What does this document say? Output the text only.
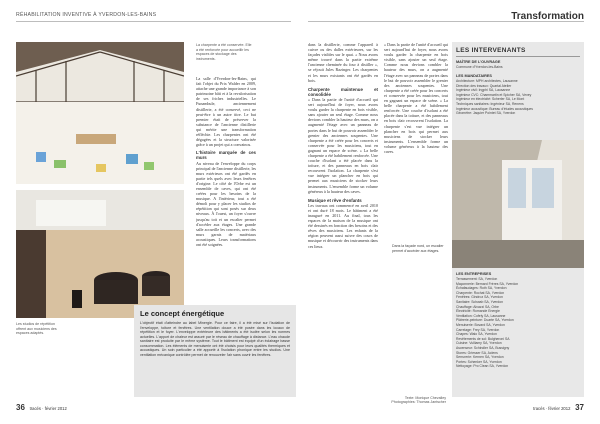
RÉHABILITATION INVENTIVE À YVERDON-LES-BAINS	Transformation
La charpente a été conservée. Elle a été renforcée pour accueillir les espaces de stockage des instruments.
Les studios de répétition offrent aux musiciens des espaces adaptés.
La salle d'Yverdon-les-Bains, qui fait l'objet du Prix Walder en 2009, attache une grande importance à son patrimoine bâti et à la revalorisation de ses friches industrielles. Le Funambule, anciennement distillerie, a été conservé, ceci ne peut-être à un autre titre. Le but premier était de préserver la substance de l'ancienne distillerie qui mérite une transformation réfléchie. Les charpentes ont été dégagées et la structure valorisée grâce à un projet qui a convaincu.
L'histoire marquée de ces murs
Au niveau de l'enveloppe du corps principal de l'ancienne distillerie, les murs extérieurs ont été gardés en partie tels quels avec leurs fenêtres d'origine. Le côté de l'Orbe est un ensemble de caves, qui ont été créées pour les besoins de la musique. A l'intérieur, tout a été démoli pour y placer les studios de répétition qui sont posés sur deux niveaux. À l'ouest, un foyer s'ouvre jusqu'au toit et un escalier permet d'accéder aux étages. Une grande salle accueille les concerts, avec des murs garnis de matériaux acoustiques. Leurs transformations ont été soignées.
dans la distillerie, comme l'appareil à cuivre ou des dalles extérieures, sur les façades visibles sur le quai. « Nous avons même trouvé dans la partie extrême l'ancienne cheminée du four à distiller », se réjouit Jules Razinger. Les charpentes et les murs existants ont été gardés en bois.
Charpente maintenue et consolidée
« Dans la partie de l'unité d'accueil qui sert aujourd'hui de foyer, nous avons voulu garder la charpente en bois visible, sans ajouter un seul étage. Comme nous devions combler la hauteur des murs, on a augmenté l'étage avec un panneau de portes dans le but de pouvoir assembler le grenier des anciennes soupentes. Une charpente a été créée pour les concerts et conservée pour les musiciens, tout en gagnant un espace de scène. » La belle charpente a été habilement renforcée. Une couche d'isolant a été placée dans la toiture, et des panneaux en bois clair recouvrent l'isolation. La charpente s'est vue intégrer un plancher en bois qui permet aux musiciens de stocker leurs instruments. L'ensemble forme un volume généreux à la hauteur des caves.
Musique et rêve d'enfants
Les travaux ont commencé en avril 2010 et ont duré 18 mois. Le bâtiment a été inauguré en 2011. Au final, tous les espaces de la maison de la musique ont été dessinés en fonction des besoins et des rêves des musiciens. Les enfants de la région peuvent aussi suivre des cours de musique et découvrir des instruments dans ces lieux.
« Dans la partie de l'unité d'accueil qui sert aujourd'hui de foyer, nous avons voulu garder la charpente en bois visible, sans ajouter un seul étage. Comme nous devions combler la hauteur des murs, on a augmenté l'étage avec un panneau de portes dans le but de pouvoir assembler le grenier des anciennes soupentes. Une charpente a été créée pour les concerts et conservée pour les musiciens, tout en gagnant un espace de scène. » La belle charpente a été habilement renforcée. Une couche d'isolant a été placée dans la toiture, et des panneaux en bois clair recouvrent l'isolation. La charpente s'est vue intégrer un plancher en bois qui permet aux musiciens de stocker leurs instruments. L'ensemble forme un volume généreux à la hauteur des caves.
Texte: Monique Chevalley
Photographies: Thomas Jantscher
Le concept énergétique
L'objectif était d'atteindre au label Minergie. Pour ce faire, il a été misé sur l'isolation de l'enveloppe, toiture et fenêtres. Une ventilation douce a été posée dans les locaux de répétition et le foyer. L'enveloppe extérieure des bâtiments a été isolée selon les normes actuelles. L'apport de chaleur est assuré par le réseau de chauffage à distance. L'eau chaude sanitaire est produite par le même système. Tout le bâtiment est équipé d'un éclairage basse consommation. Les éléments de menuiserie ont été choisis pour leurs qualités thermiques et acoustiques. Un soin particulier a été apporté à l'isolation phonique entre les studios. Une ventilation mécanique contrôlée permet de renouveler l'air sans ouvrir les fenêtres.
LES INTERVENANTS
MAÎTRE DE L'OUVRAGE
Commune d'Yverdon-les-Bains
LES MANDATAIRES
Architecture: MPH architectes, Lausanne
Direction des travaux: Quartal Atelier
Ingénieur civil: Ingphi SA, Lausanne
Ingénieur CVC: Chammartin et Spicher SA, Vevey
Ingénieur en électricité: Scherler SA, Le Mont
Techniques sanitaires: Ingénieur SA, Renens
Ingénieur acoustique: Bureau d'études acoustiques
Géomètre: Jaquier Pointet SA, Yverdon
Dans la façade nord, un escalier permet d'accéder aux étages.
LES ENTREPRISES
Terrassement: SA, Yverdon
Maçonnerie: Bernard Frères SA, Yverdon
Échafaudages: Roth SA, Yverdon
Charpente: Rochat SA, Yverdon
Fenêtres: Gindroz SA, Yverdon
Sanitaire: Schwab SA, Yverdon
Chauffage: Alvazzi SA, Orbe
Électricité: Romande Energie
Ventilation: Cofely SA, Lausanne
Plâtrerie-peinture: Duarte SA, Yverdon
Menuiserie: Bovard SA, Yverdon
Carrelage: Frey SA, Yverdon
Chapes: Walo SA, Yverdon
Revêtements de sol: Bulgheroni SA
Cuisine: Vulliamy SA, Yverdon
Ascenseur: Schindler SA, Bussigny
Stores: Griesser SA, Aclens
Serrurerie: Kernen SA, Yverdon
Portes: Schenker SA, Yverdon
Nettoyage: Pro Clean SA, Yverdon
36 tracés · février 2012	tracés · février 2012 37
